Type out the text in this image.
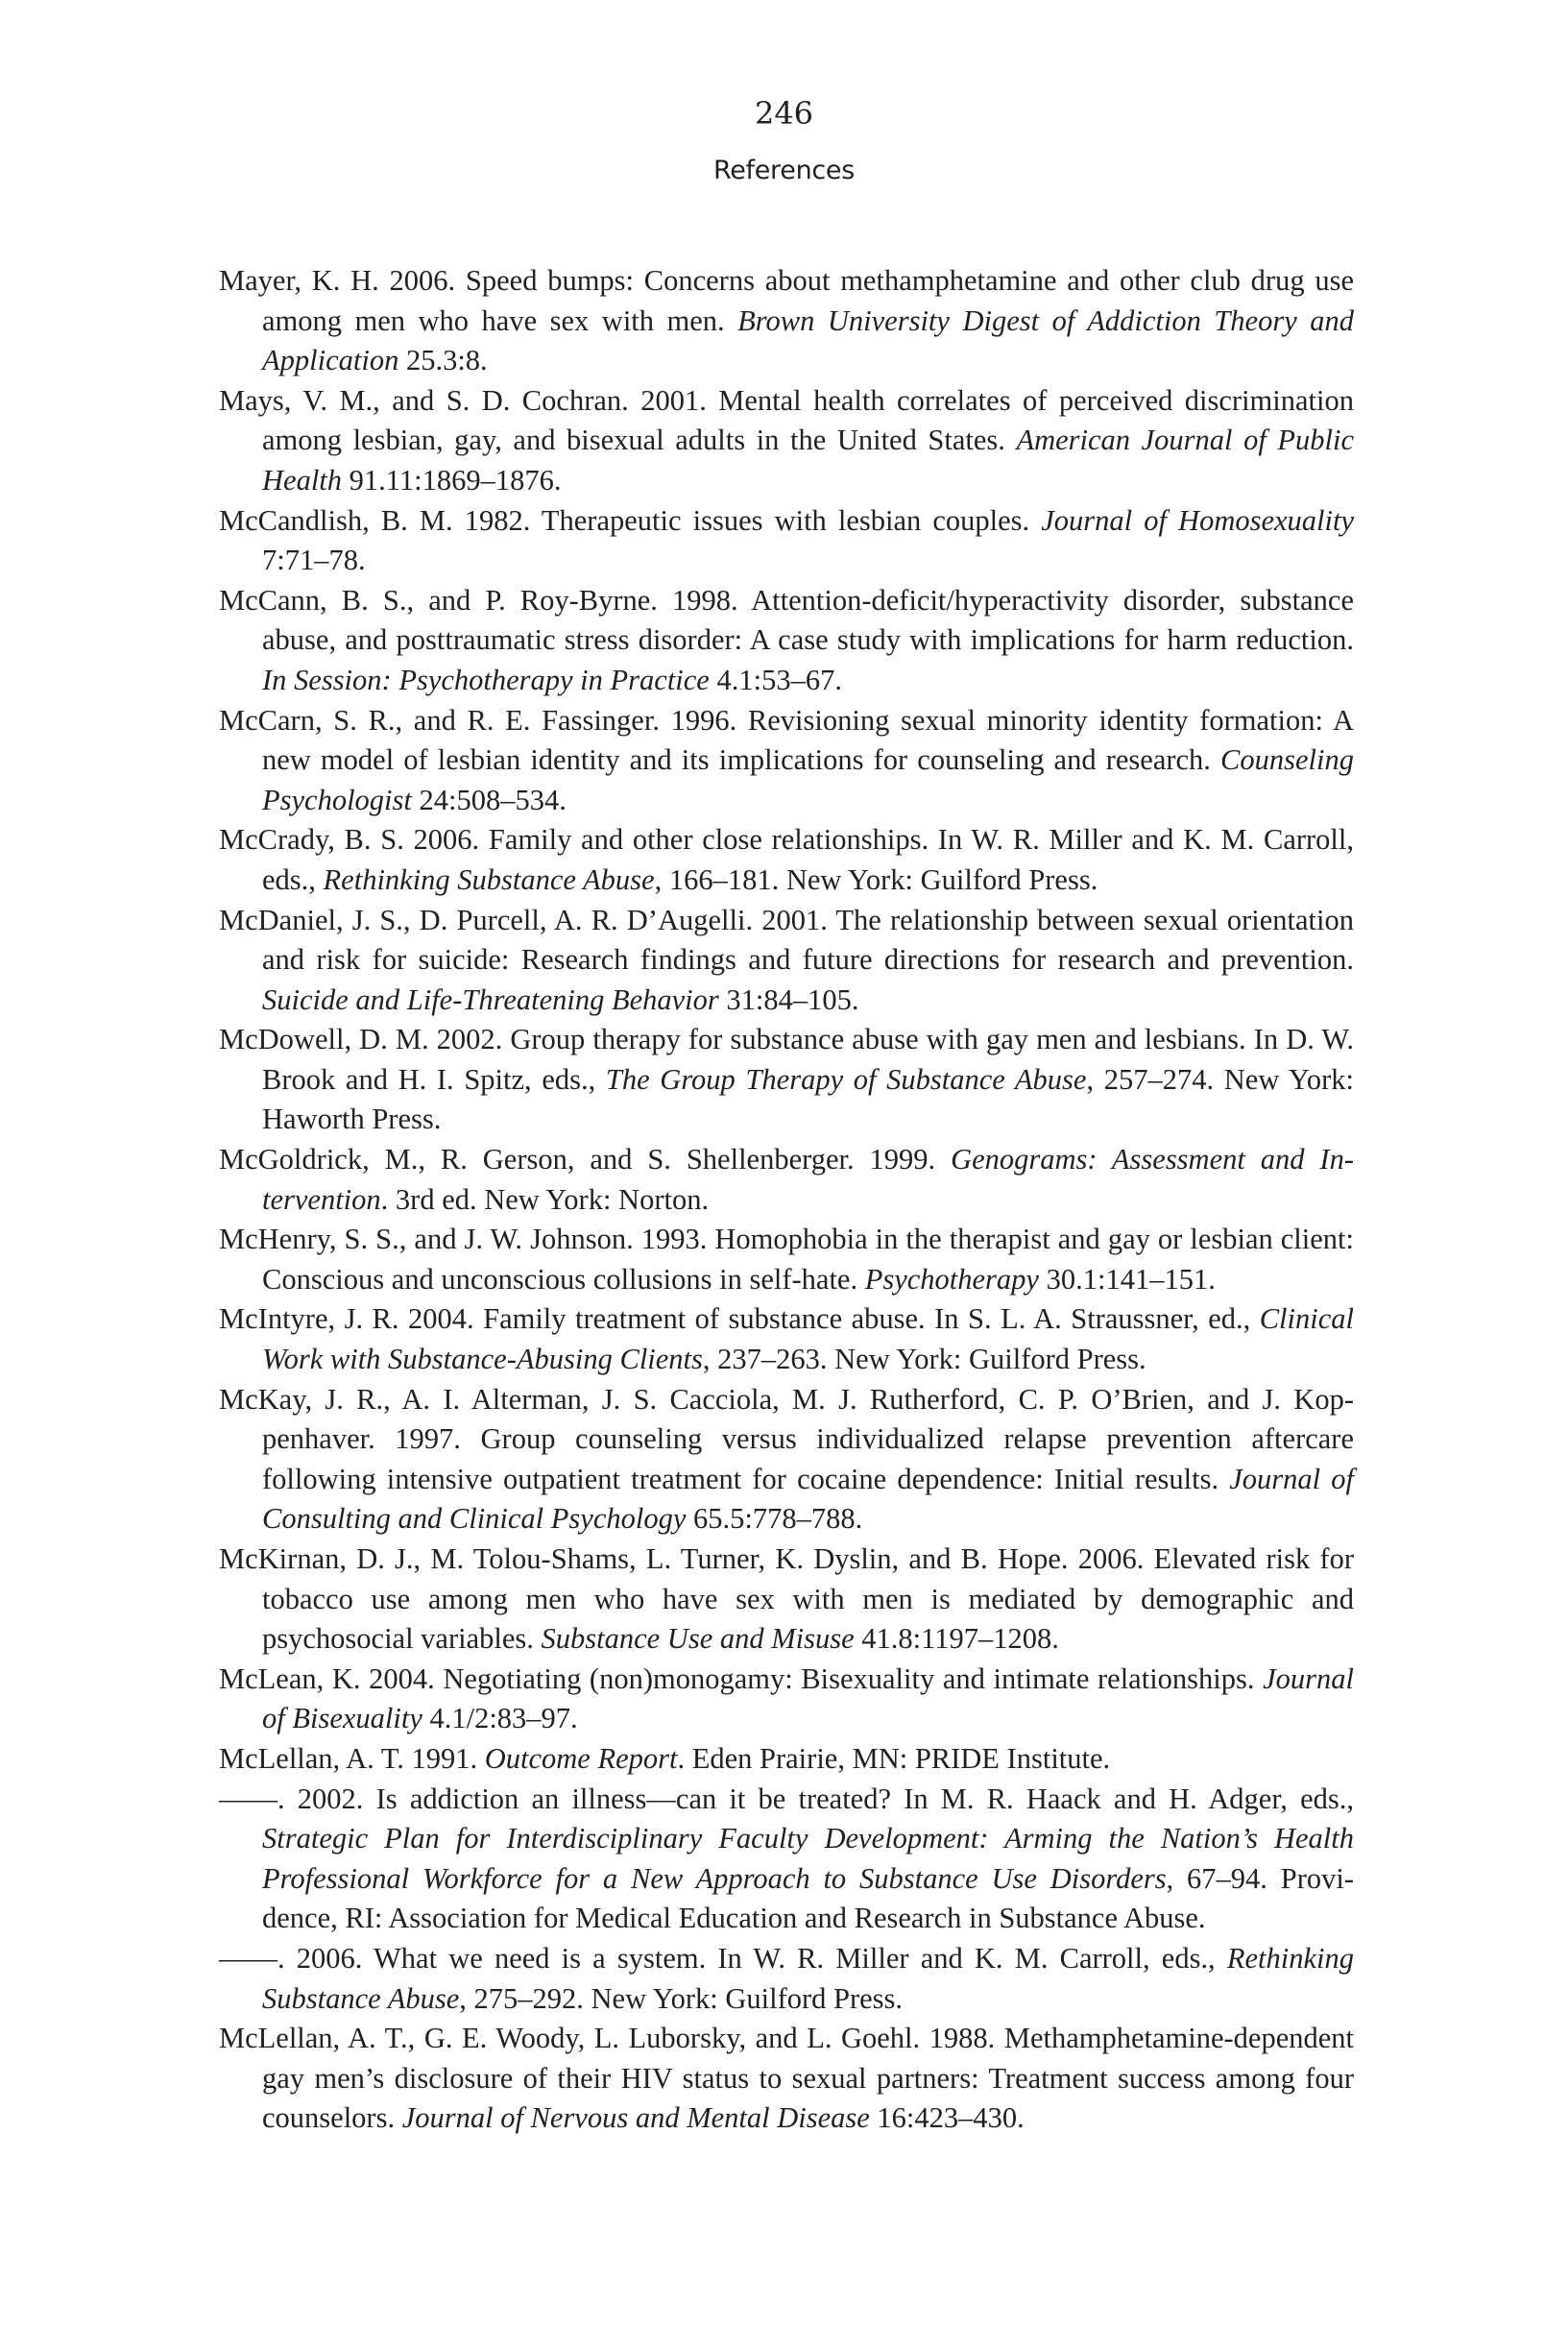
246
References
Mayer, K. H. 2006. Speed bumps: Concerns about methamphetamine and other club drug use among men who have sex with men. Brown University Digest of Addiction Theory and Application 25.3:8.
Mays, V. M., and S. D. Cochran. 2001. Mental health correlates of perceived discrimination among lesbian, gay, and bisexual adults in the United States. American Journal of Public Health 91.11:1869–1876.
McCandlish, B. M. 1982. Therapeutic issues with lesbian couples. Journal of Homosexuality 7:71–78.
McCann, B. S., and P. Roy-Byrne. 1998. Attention-deficit/hyperactivity disorder, substance abuse, and posttraumatic stress disorder: A case study with implications for harm reduction. In Session: Psychotherapy in Practice 4.1:53–67.
McCarn, S. R., and R. E. Fassinger. 1996. Revisioning sexual minority identity formation: A new model of lesbian identity and its implications for counseling and research. Counseling Psychologist 24:508–534.
McCrady, B. S. 2006. Family and other close relationships. In W. R. Miller and K. M. Carroll, eds., Rethinking Substance Abuse, 166–181. New York: Guilford Press.
McDaniel, J. S., D. Purcell, A. R. D’Augelli. 2001. The relationship between sexual orientation and risk for suicide: Research findings and future directions for research and prevention. Suicide and Life-Threatening Behavior 31:84–105.
McDowell, D. M. 2002. Group therapy for substance abuse with gay men and lesbians. In D. W. Brook and H. I. Spitz, eds., The Group Therapy of Substance Abuse, 257–274. New York: Haworth Press.
McGoldrick, M., R. Gerson, and S. Shellenberger. 1999. Genograms: Assessment and Intervention. 3rd ed. New York: Norton.
McHenry, S. S., and J. W. Johnson. 1993. Homophobia in the therapist and gay or lesbian client: Conscious and unconscious collusions in self-hate. Psychotherapy 30.1:141–151.
McIntyre, J. R. 2004. Family treatment of substance abuse. In S. L. A. Straussner, ed., Clinical Work with Substance-Abusing Clients, 237–263. New York: Guilford Press.
McKay, J. R., A. I. Alterman, J. S. Cacciola, M. J. Rutherford, C. P. O’Brien, and J. Koppenhaver. 1997. Group counseling versus individualized relapse prevention aftercare following intensive outpatient treatment for cocaine dependence: Initial results. Journal of Consulting and Clinical Psychology 65.5:778–788.
McKirnan, D. J., M. Tolou-Shams, L. Turner, K. Dyslin, and B. Hope. 2006. Elevated risk for tobacco use among men who have sex with men is mediated by demographic and psychosocial variables. Substance Use and Misuse 41.8:1197–1208.
McLean, K. 2004. Negotiating (non)monogamy: Bisexuality and intimate relationships. Journal of Bisexuality 4.1/2:83–97.
McLellan, A. T. 1991. Outcome Report. Eden Prairie, MN: PRIDE Institute.
——. 2002. Is addiction an illness—can it be treated? In M. R. Haack and H. Adger, eds., Strategic Plan for Interdisciplinary Faculty Development: Arming the Nation’s Health Professional Workforce for a New Approach to Substance Use Disorders, 67–94. Providence, RI: Association for Medical Education and Research in Substance Abuse.
——. 2006. What we need is a system. In W. R. Miller and K. M. Carroll, eds., Rethinking Substance Abuse, 275–292. New York: Guilford Press.
McLellan, A. T., G. E. Woody, L. Luborsky, and L. Goehl. 1988. Methamphetamine-dependent gay men’s disclosure of their HIV status to sexual partners: Treatment success among four counselors. Journal of Nervous and Mental Disease 16:423–430.
